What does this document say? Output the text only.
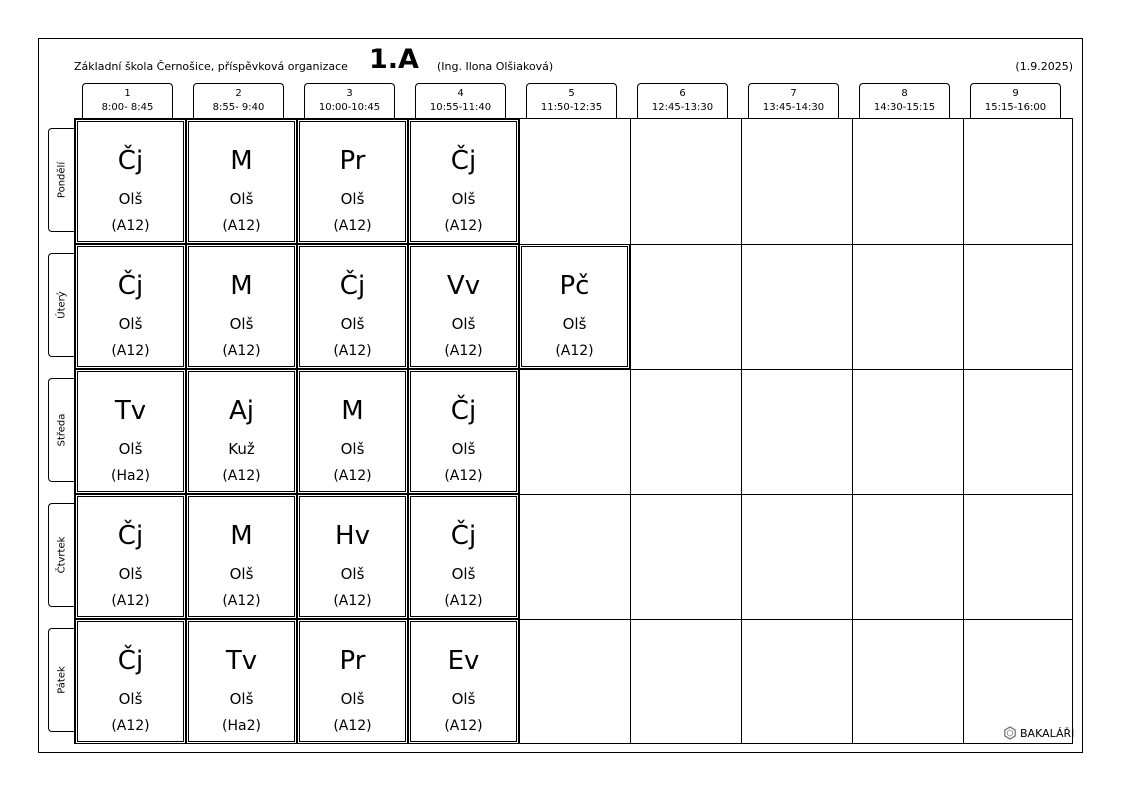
Základní škola Černošice, příspěvková organizace 1.A (Ing. Ilona Olšiaková)	(1.9.2025)
1
8:00- 8:45
2
8:55- 9:40
3
10:00-10:45
4
10:55-11:40
5
11:50-12:35
6
12:45-13:30
7
13:45-14:30
8
14:30-15:15
9
15:15-16:00
Pondělí
Úterý
Středa
Čtvrtek
Pátek
Čj
Olš
(A12)
M
Olš
(A12)
Pr
Olš
(A12)
Čj
Olš
(A12)
Čj
Olš
(A12)
M
Olš
(A12)
Čj
Olš
(A12)
Vv
Olš
(A12)
Pč
Olš
(A12)
Tv
Olš
(Ha2)
Aj
Kuž
(A12)
M
Olš
(A12)
Čj
Olš
(A12)
Čj
Olš
(A12)
M
Olš
(A12)
Hv
Olš
(A12)
Čj
Olš
(A12)
Čj
Olš
(A12)
Tv
Olš
(Ha2)
Pr
Olš
(A12)
Ev
Olš
(A12)	BAKALÁŘI
